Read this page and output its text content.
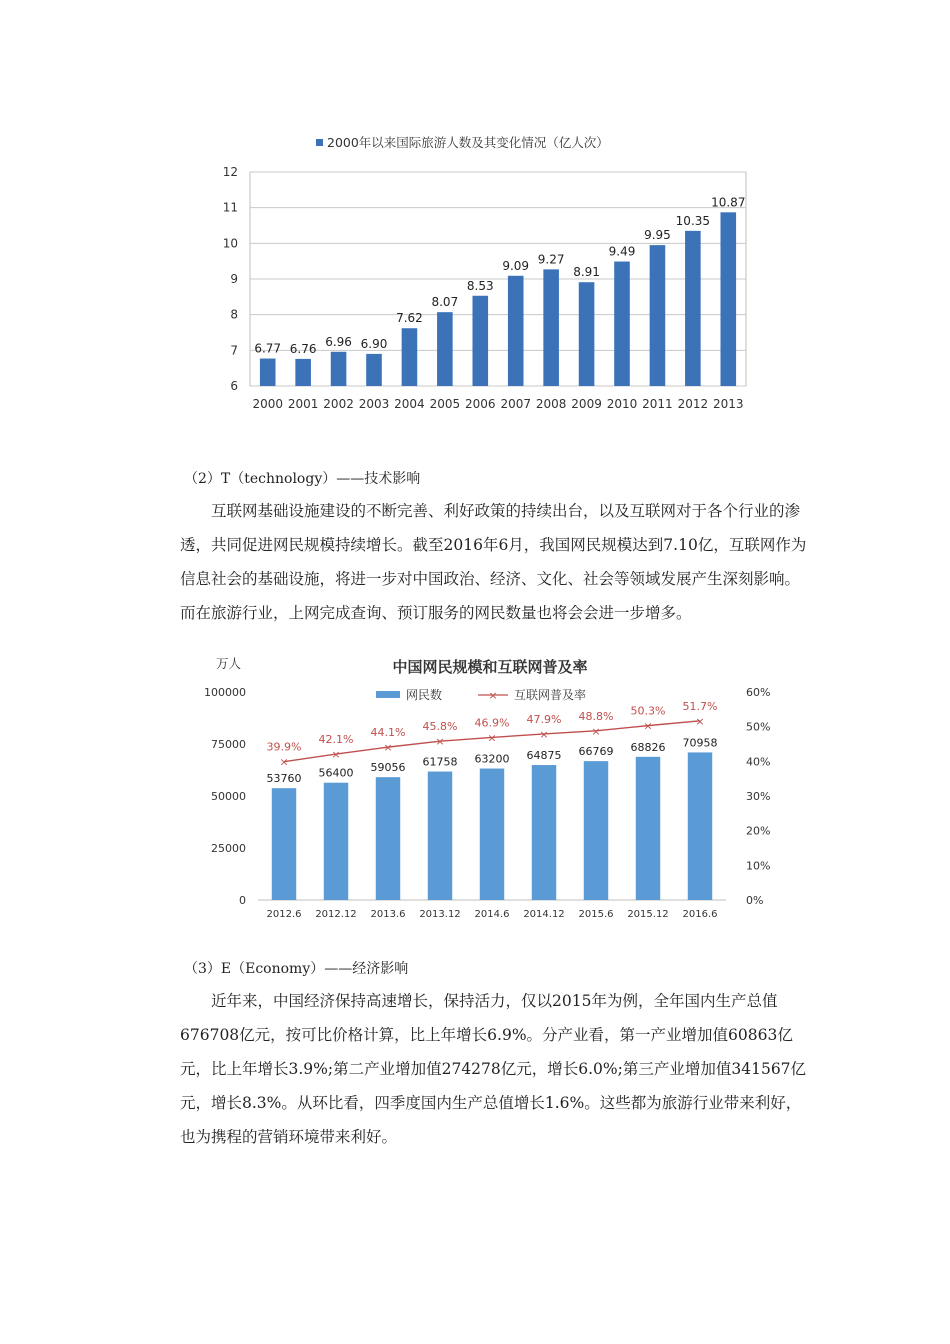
2000年以来国际旅游人数及其变化情况（亿人次）
6
7
8
9
10
11
12
6.77
2000
6.76
2001
6.96
2002
6.90
2003
7.62
2004
8.07
2005
8.53
2006
9.09
2007
9.27
2008
8.91
2009
9.49
2010
9.95
2011
10.35
2012
10.87
2013
中国网民规模和互联网普及率
万人
网民数	× 互联网普及率
0
25000
50000
75000
100000
0%
10%
20%
30%
40%
50%
60%
53760
2012.6
56400
2012.12
59056
2013.6
61758
2013.12
63200
2014.6
64875
2014.12
66769
2015.6
68826
2015.12
70958
2016.6
×
39.9%
×
42.1%
×
44.1%
×
45.8%
×
46.9%
×
47.9%
×
48.8%
×
50.3%
×
51.7%
（2）T（technology）——技术影响

互联网基础设施建设的不断完善、利好政策的持续出台，以及互联网对于各个行业的渗透，共同促进网民规模持续增长。截至2016年6月，我国网民规模达到7.10亿，互联网作为信息社会的基础设施，将进一步对中国政治、经济、文化、社会等领域发展产生深刻影响。而在旅游行业，上网完成查询、预订服务的网民数量也将会会进一步增多。

（3）E（Economy）——经济影响

近年来，中国经济保持高速增长，保持活力，仅以2015年为例，全年国内生产总值676708亿元，按可比价格计算，比上年增长6.9%。分产业看，第一产业增加值60863亿元，比上年增长3.9%;第二产业增加值274278亿元，增长6.0%;第三产业增加值341567亿元，增长8.3%。从环比看，四季度国内生产总值增长1.6%。这些都为旅游行业带来利好，也为携程的营销环境带来利好。
